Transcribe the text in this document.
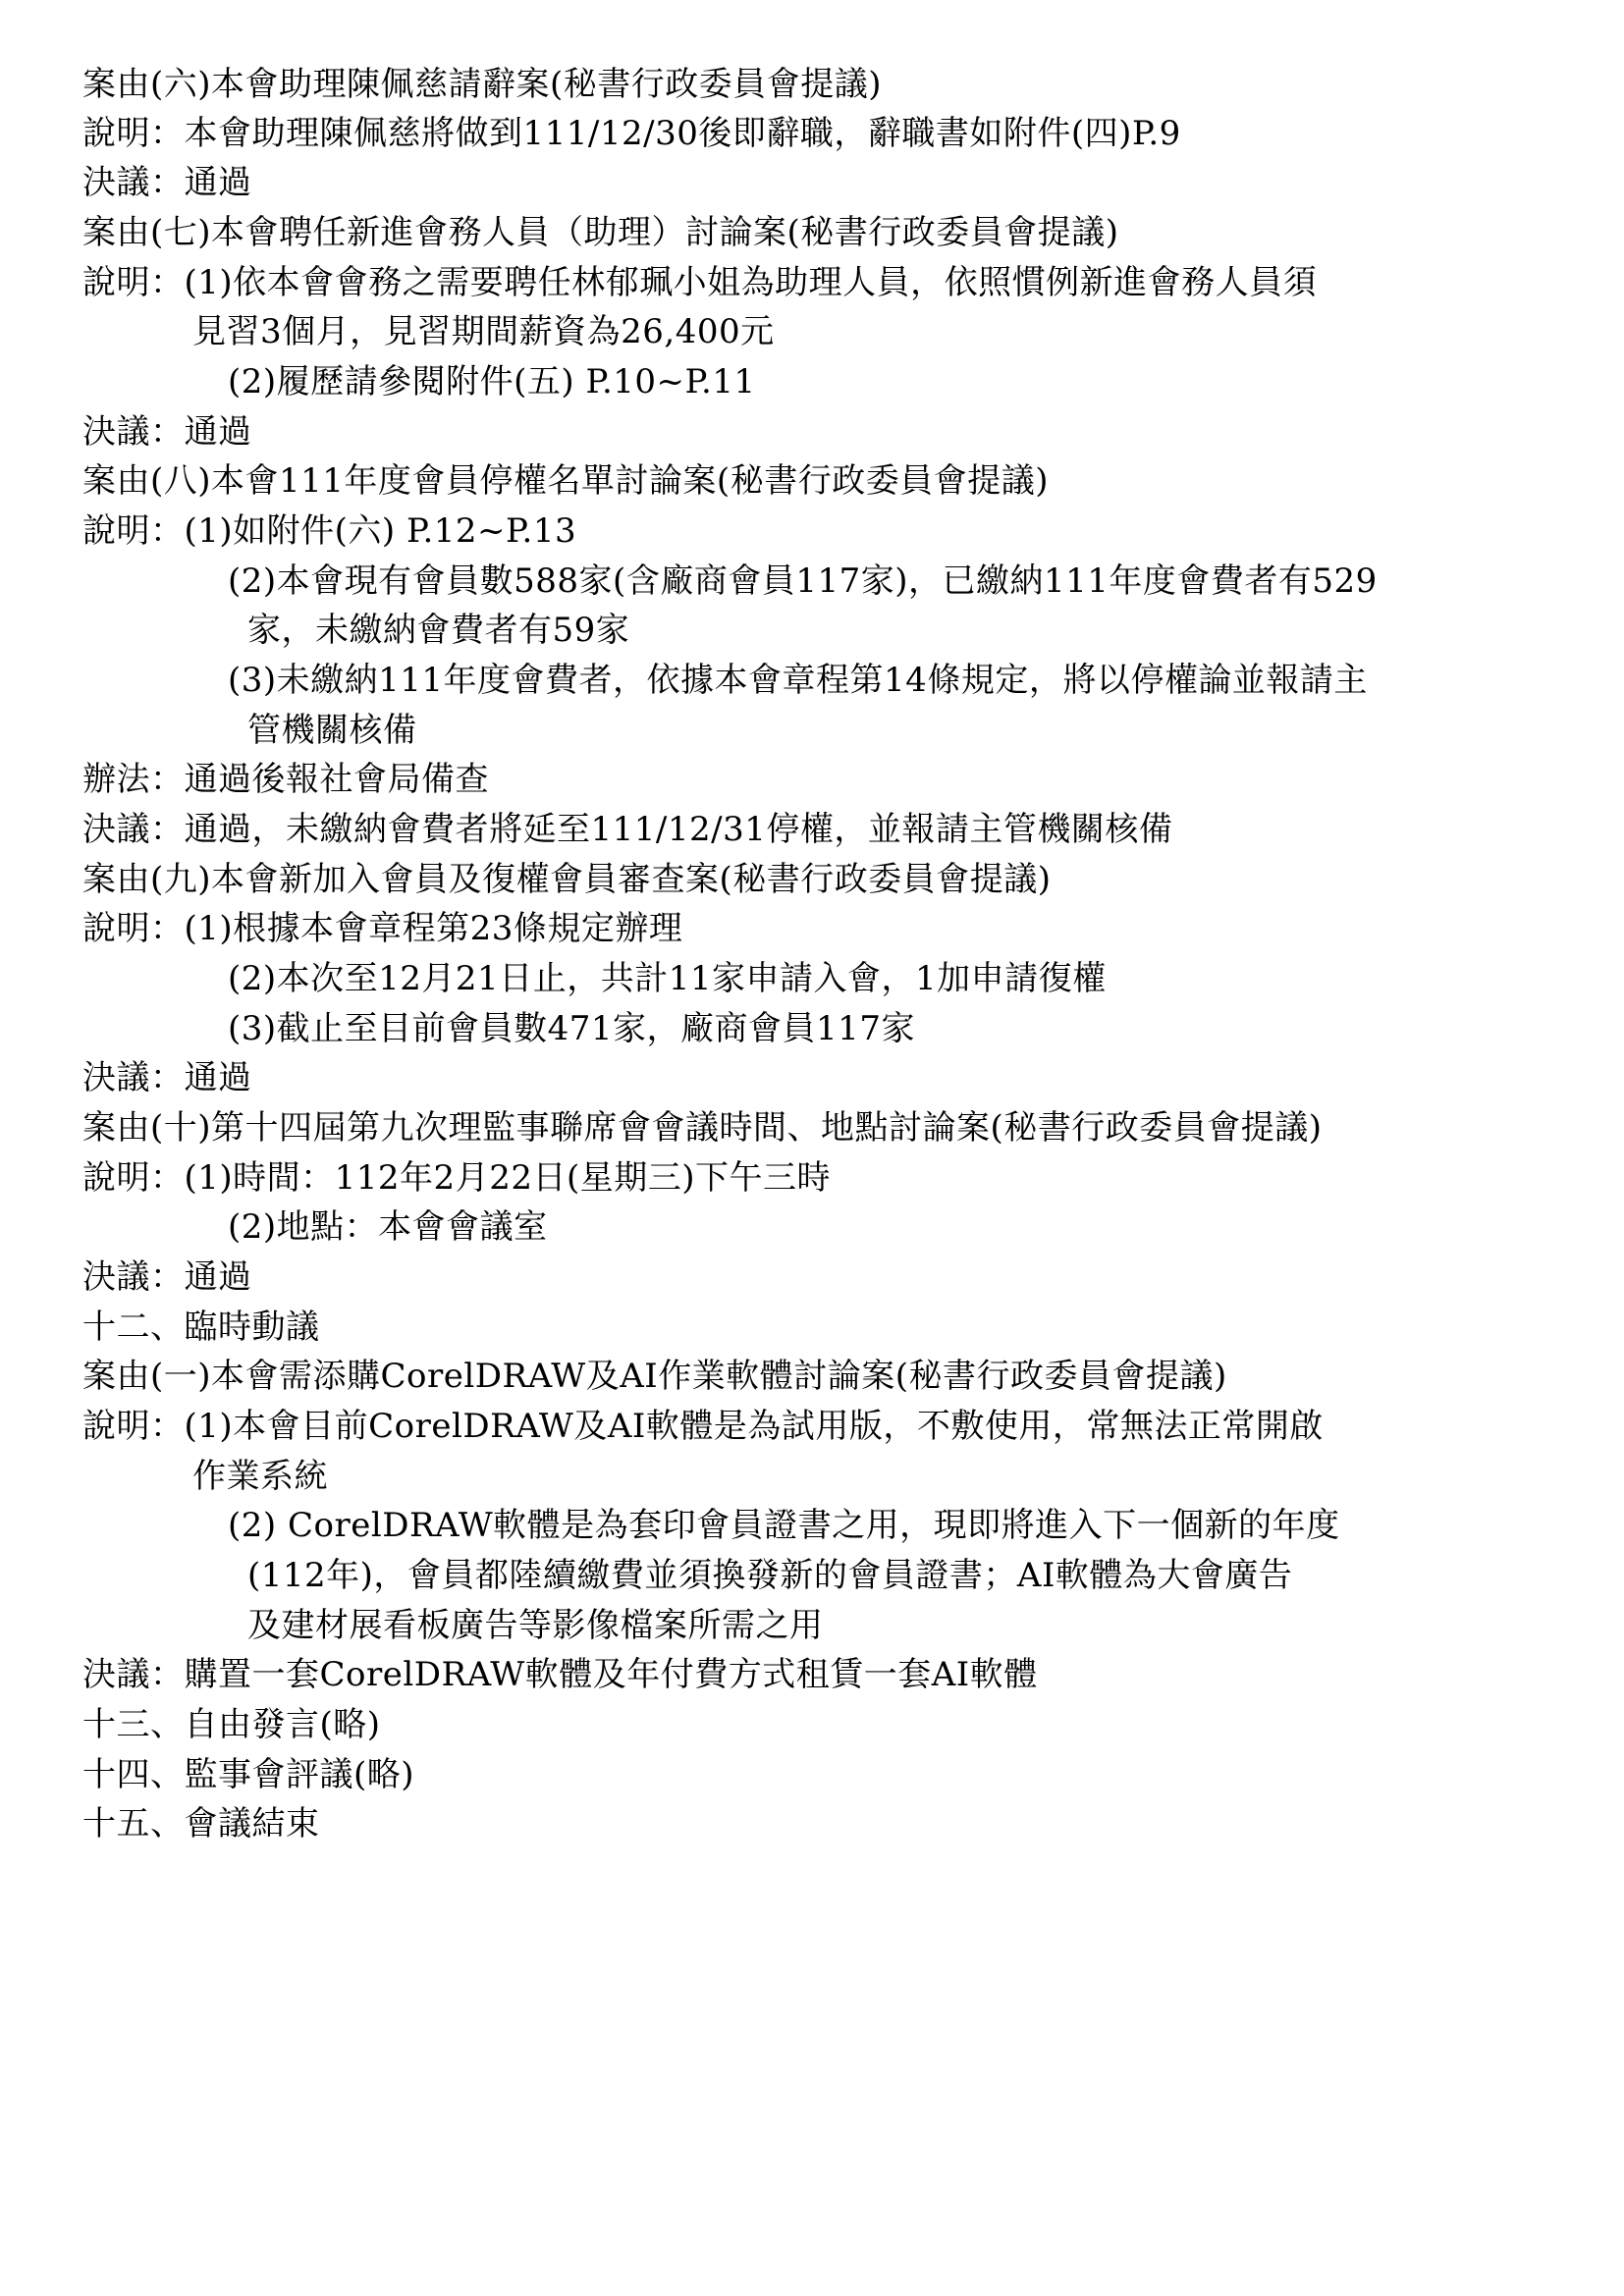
案由(六)本會助理陳佩慈請辭案(秘書行政委員會提議)
說明：本會助理陳佩慈將做到111/12/30後即辭職，辭職書如附件(四)P.9
決議：通過
案由(七)本會聘任新進會務人員（助理）討論案(秘書行政委員會提議)
說明：(1)依本會會務之需要聘任林郁珮小姐為助理人員，依照慣例新進會務人員須
見習3個月，見習期間薪資為26,400元
(2)履歷請參閱附件(五) P.10~P.11
決議：通過
案由(八)本會111年度會員停權名單討論案(秘書行政委員會提議)
說明：(1)如附件(六) P.12~P.13
(2)本會現有會員數588家(含廠商會員117家)，已繳納111年度會費者有529
家，未繳納會費者有59家
(3)未繳納111年度會費者，依據本會章程第14條規定，將以停權論並報請主
管機關核備
辦法：通過後報社會局備查
決議：通過，未繳納會費者將延至111/12/31停權，並報請主管機關核備
案由(九)本會新加入會員及復權會員審查案(秘書行政委員會提議)
說明：(1)根據本會章程第23條規定辦理
(2)本次至12月21日止，共計11家申請入會，1加申請復權
(3)截止至目前會員數471家，廠商會員117家
決議：通過
案由(十)第十四屆第九次理監事聯席會會議時間、地點討論案(秘書行政委員會提議)
說明：(1)時間：112年2月22日(星期三)下午三時
(2)地點：本會會議室
決議：通過
十二、臨時動議
案由(一)本會需添購CorelDRAW及AI作業軟體討論案(秘書行政委員會提議)
說明：(1)本會目前CorelDRAW及AI軟體是為試用版，不敷使用，常無法正常開啟
作業系統
(2) CorelDRAW軟體是為套印會員證書之用，現即將進入下一個新的年度
(112年)，會員都陸續繳費並須換發新的會員證書；AI軟體為大會廣告
及建材展看板廣告等影像檔案所需之用
決議：購置一套CorelDRAW軟體及年付費方式租賃一套AI軟體
十三、自由發言(略)
十四、監事會評議(略)
十五、會議結束
